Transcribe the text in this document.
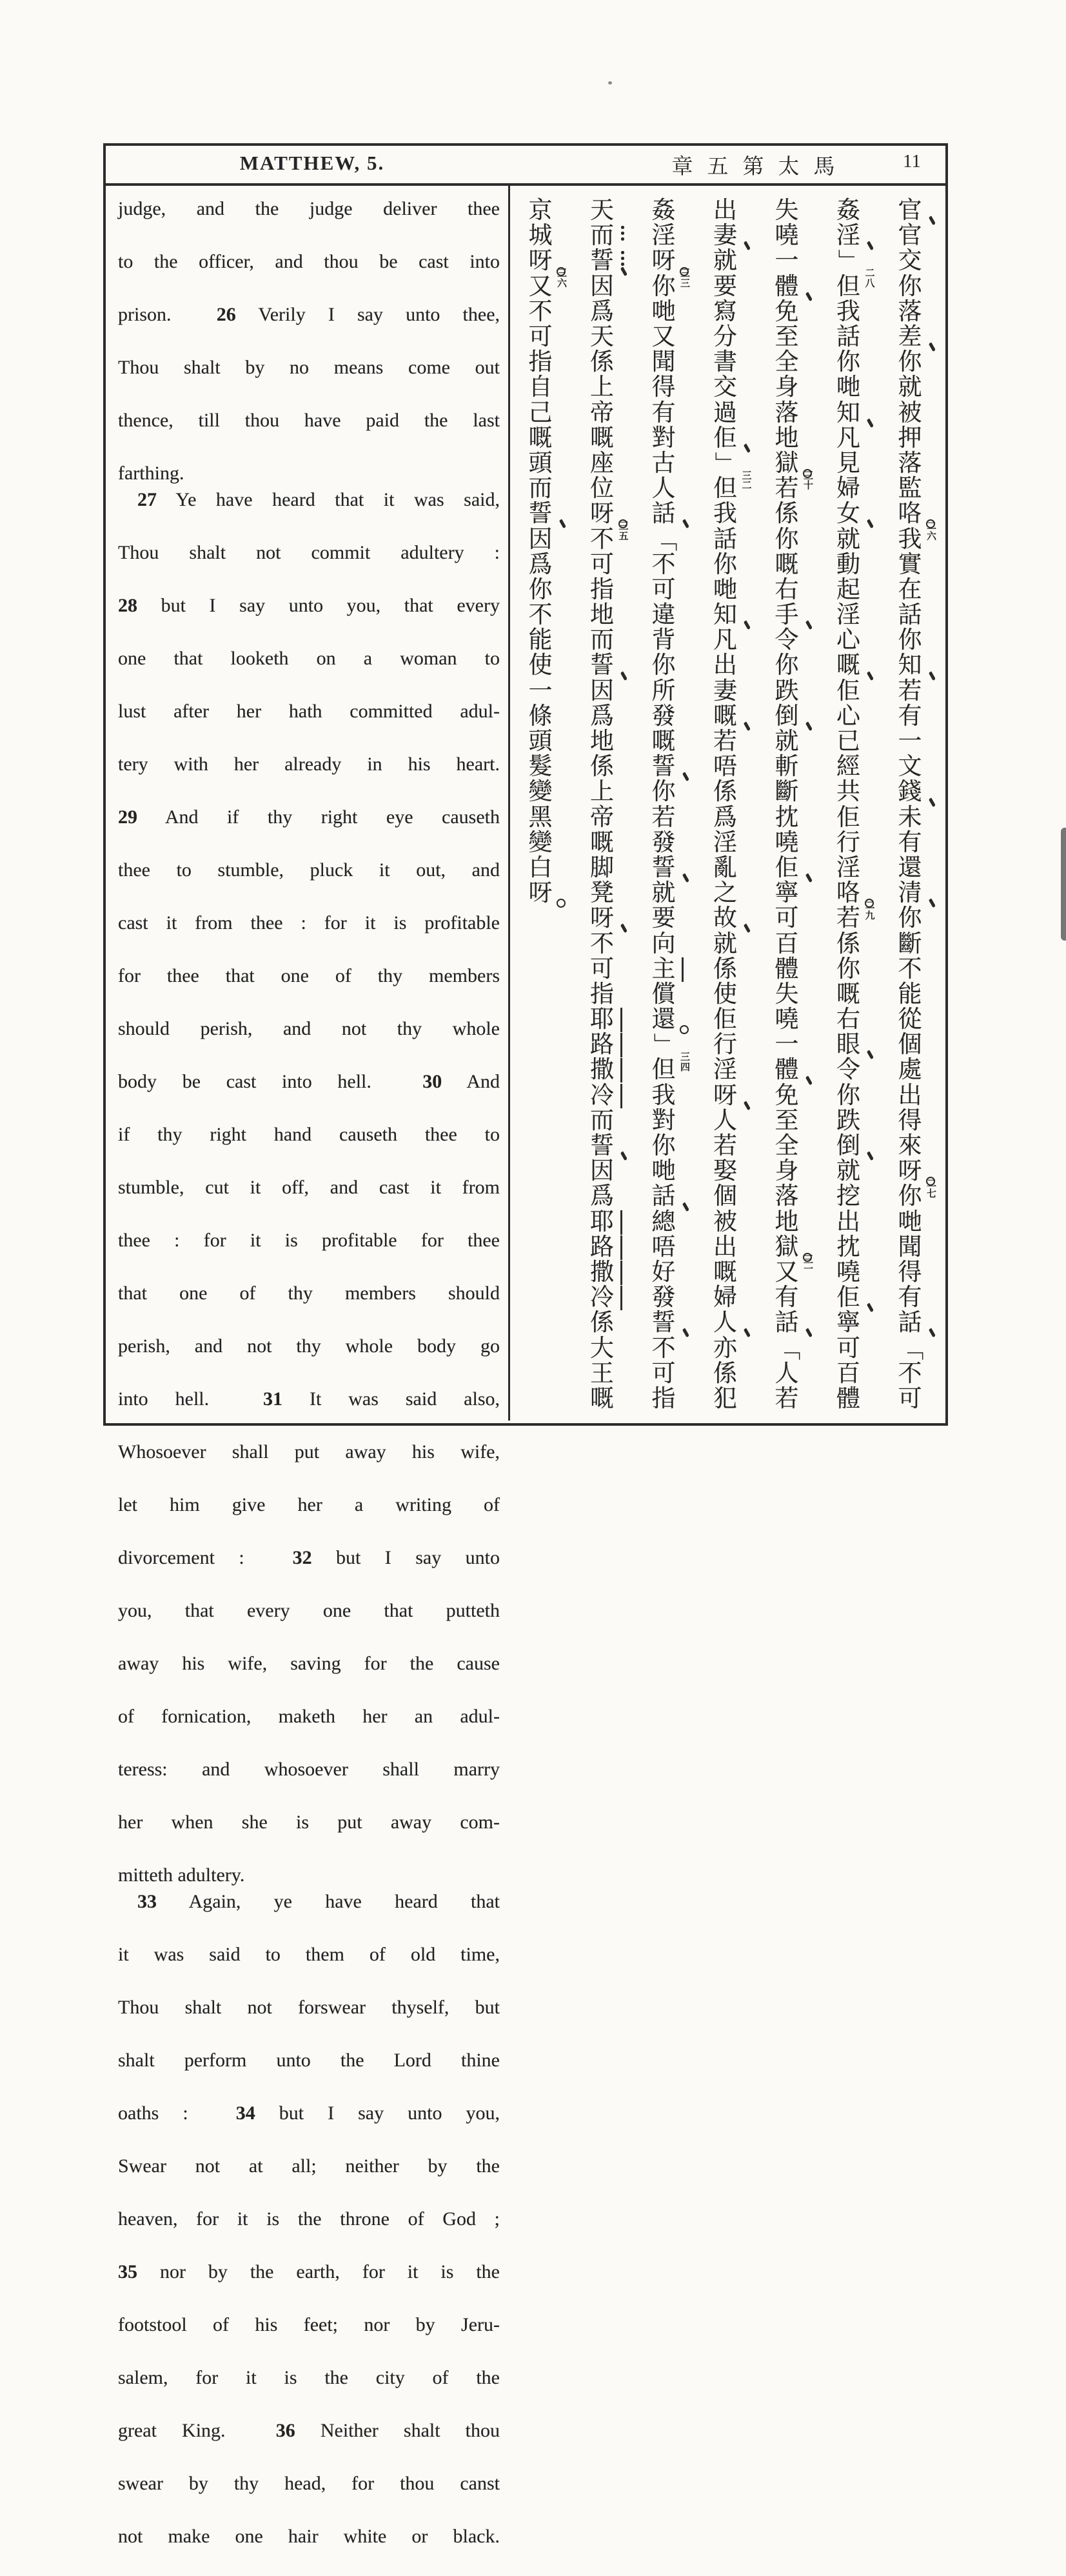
MATTHEW, 5.	章五第太馬	11
judge, and the judge deliver thee
to the officer, and thou be cast into
prison.  26 Verily I say unto thee,
Thou shalt by no means come out
thence, till thou have paid the last
farthing.
27 Ye have heard that it was said,
Thou shalt not commit adultery :
28 but I say unto you, that every
one that looketh on a woman to
lust after her hath committed adul-
tery with her already in his heart.
29 And if thy right eye causeth
thee to stumble, pluck it out, and
cast it from thee : for it is profitable
for thee that one of thy members
should perish, and not thy whole
body be cast into hell.  30 And
if thy right hand causeth thee to
stumble, cut it off, and cast it from
thee : for it is profitable for thee
that one of thy members should
perish, and not thy whole body go
into hell.  31 It was said also,
Whosoever shall put away his wife,
let him give her a writing of
divorcement :  32 but I say unto
you, that every one that putteth
away his wife, saving for the cause
of fornication, maketh her an adul-
teress: and whosoever shall marry
her when she is put away com-
mitteth adultery.
33 Again, ye have heard that
it was said to them of old time,
Thou shalt not forswear thyself, but
shalt perform unto the Lord thine
oaths :  34 but I say unto you,
Swear not at all; neither by the
heaven, for it is the throne of God ;
35 nor by the earth, for it is the
footstool of his feet; nor by Jeru-
salem, for it is the city of the
great King.  36 Neither shalt thou
swear by thy head, for thou canst
not make one hair white or black.
官
官
交
你
落
差
你
就
被
押
落
監
咯 二
六
我
實
在
話
你
知
若
有
一
文
錢
未
有
還
清
你
斷
不
能
從
個
處
出
得
來
呀 二
七
你
哋
聞
得
有
話
「
不
可
姦
淫
」
二
八
但
我
話
你
哋
知
凡
見
婦
女
就
動
起
淫
心
嘅
佢
心
已
經
共
佢
行
淫
咯 二
九
若
係
你
嘅
右
眼
令
你
跌
倒
就
挖
出
抌
嘵
佢
寧
可
百
體
失
嘵
一
體
免
至
全
身
落
地
獄 三
十
若
係
你
嘅
右
手
令
你
跌
倒
就
斬
斷
抌
嘵
佢
寧
可
百
體
失
嘵
一
體
免
至
全
身
落
地
獄 三
一
又
有
話
「
人
若
出
妻
就
要
寫
分
書
交
過
佢
」
三
二
但
我
話
你
哋
知
凡
出
妻
嘅
若
唔
係
爲
淫
亂
之
故
就
係
使
佢
行
淫
呀
人
若
娶
個
被
出
嘅
婦
人
亦
係
犯
姦
淫
呀 三
三
你
哋
又
聞
得
有
對
古
人
話
「
不
可
違
背
你
所
發
嘅
誓
你
若
發
誓
就
要
向
主
償
還
」
三
四
但
我
對
你
哋
話
總
唔
好
發
誓
不
可
指
天
而
誓
因
爲
天
係
上
帝
嘅
座
位
呀 三
五
不
可
指
地
而
誓
因
爲
地
係
上
帝
嘅
脚
凳
呀
不
可
指
耶
路
撒
冷
而
誓
因
爲
耶
路
撒
冷
係
大
王
嘅
京
城
呀 三
六
又
不
可
指
自
己
嘅
頭
而
誓
因
爲
你
不
能
使
一
條
頭
髮
變
黑
變
白
呀
